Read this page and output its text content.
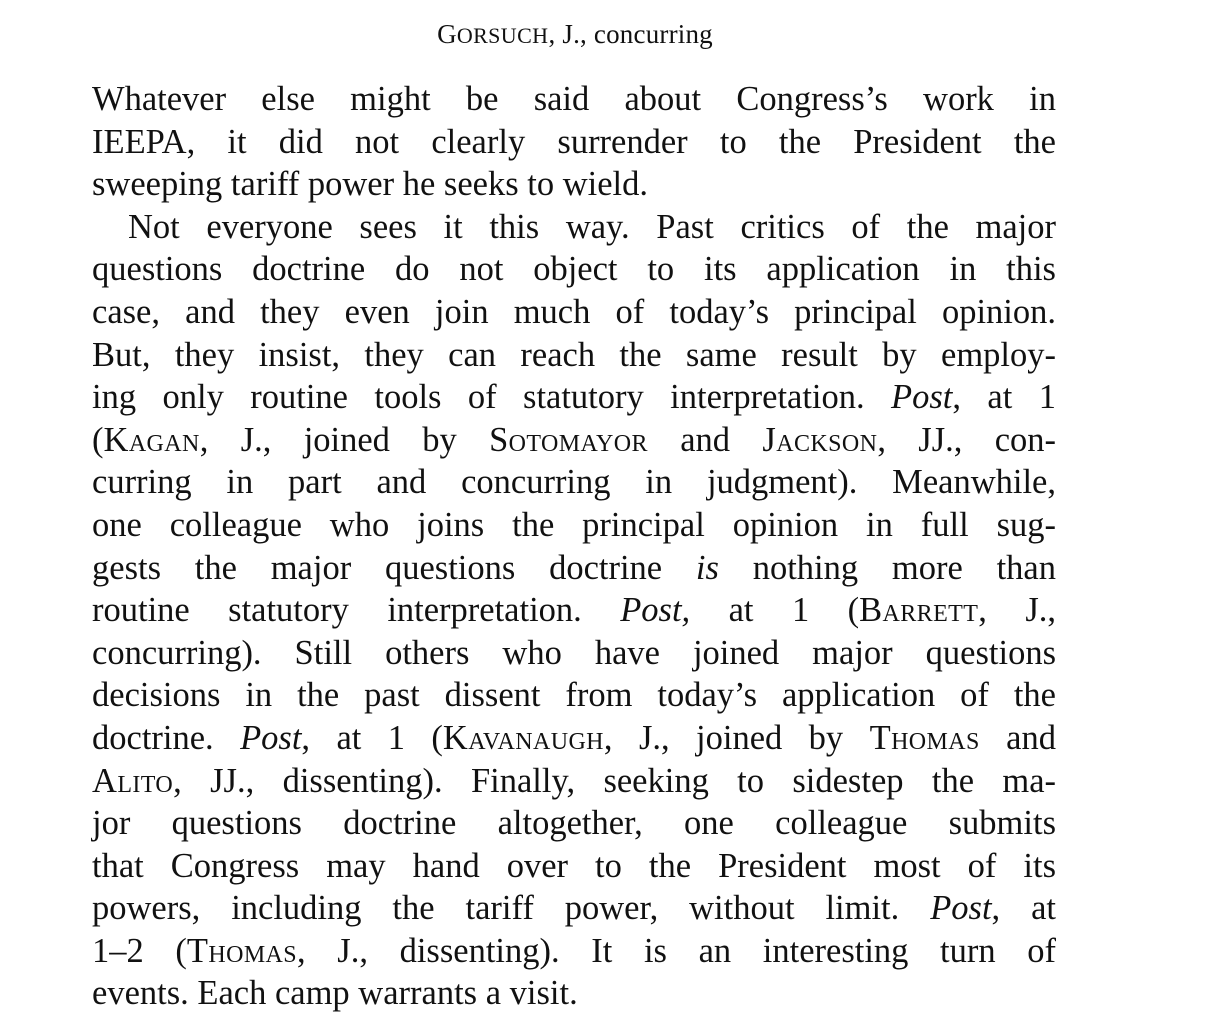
GORSUCH, J., concurring
Whatever else might be said about Congress’s work in
IEEPA, it did not clearly surrender to the President the
sweeping tariff power he seeks to wield.
Not everyone sees it this way. Past critics of the major
questions doctrine do not object to its application in this
case, and they even join much of today’s principal opinion.
But, they insist, they can reach the same result by employ-
ing only routine tools of statutory interpretation. Post, at 1
(Kagan, J., joined by Sotomayor and Jackson, JJ., con-
curring in part and concurring in judgment). Meanwhile,
one colleague who joins the principal opinion in full sug-
gests the major questions doctrine is nothing more than
routine statutory interpretation. Post, at 1 (Barrett, J.,
concurring). Still others who have joined major questions
decisions in the past dissent from today’s application of the
doctrine. Post, at 1 (Kavanaugh, J., joined by Thomas and
Alito, JJ., dissenting). Finally, seeking to sidestep the ma-
jor questions doctrine altogether, one colleague submits
that Congress may hand over to the President most of its
powers, including the tariff power, without limit. Post, at
1–2 (Thomas, J., dissenting). It is an interesting turn of
events. Each camp warrants a visit.
